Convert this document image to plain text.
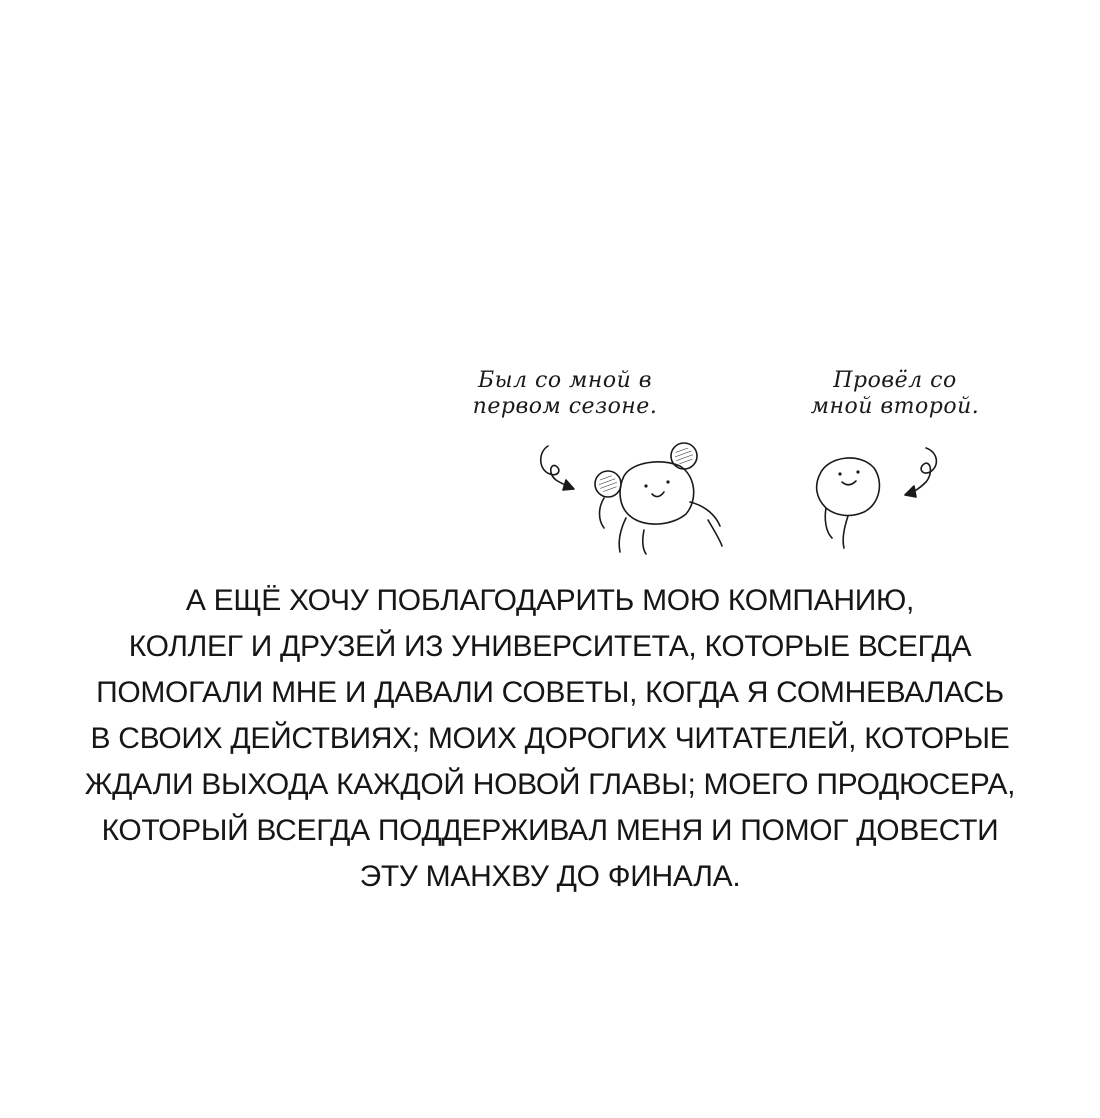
Был со мной в
первом сезоне.
Провёл со
мной второй.
А ЕЩЁ ХОЧУ ПОБЛАГОДАРИТЬ МОЮ КОМПАНИЮ,
КОЛЛЕГ И ДРУЗЕЙ ИЗ УНИВЕРСИТЕТА, КОТОРЫЕ ВСЕГДА
ПОМОГАЛИ МНЕ И ДАВАЛИ СОВЕТЫ, КОГДА Я СОМНЕВАЛАСЬ
В СВОИХ ДЕЙСТВИЯХ; МОИХ ДОРОГИХ ЧИТАТЕЛЕЙ, КОТОРЫЕ
ЖДАЛИ ВЫХОДА КАЖДОЙ НОВОЙ ГЛАВЫ; МОЕГО ПРОДЮСЕРА,
КОТОРЫЙ ВСЕГДА ПОДДЕРЖИВАЛ МЕНЯ И ПОМОГ ДОВЕСТИ
ЭТУ МАНХВУ ДО ФИНАЛА.
